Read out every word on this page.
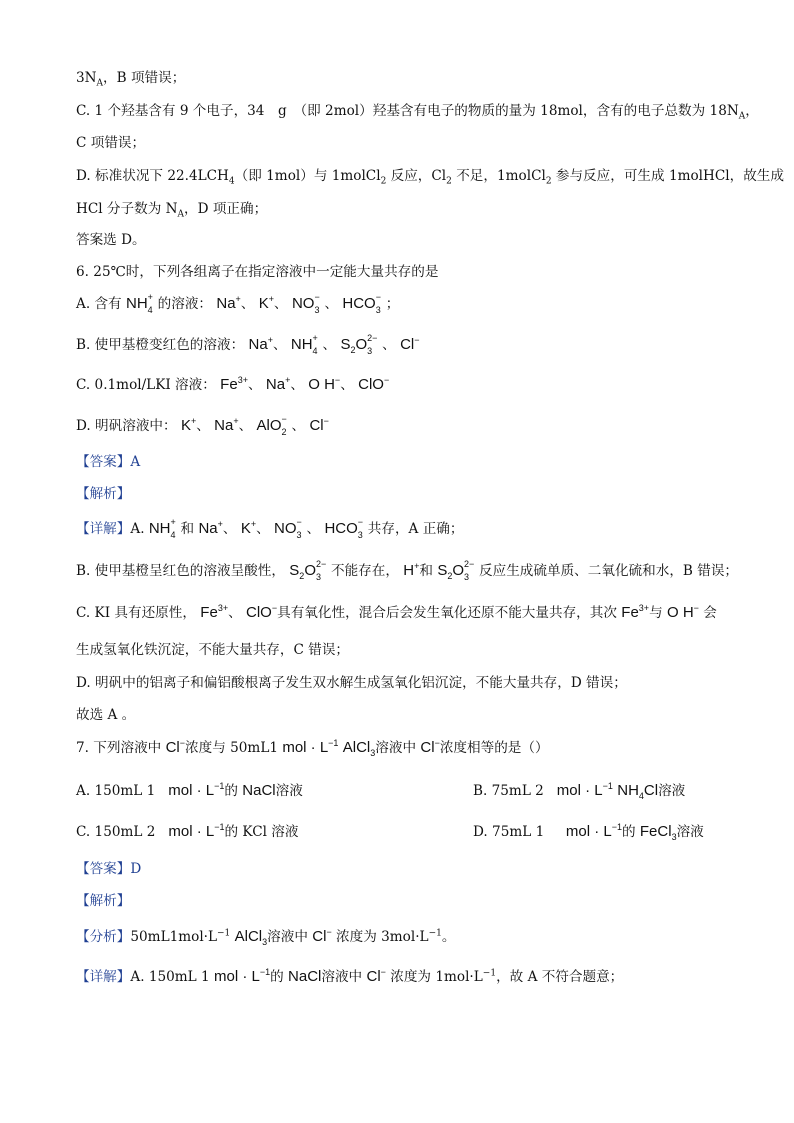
$3N_A$，B 项错误；
C. 1 个羟基含有 9 个电子，34　g　（即 2mol）羟基含有电子的物质的量为 18mol，含有的电子总数为 $18N_A$，
C 项错误；
D. 标准状况下 $22.4LCH_4$（即 1mol）与 1molCl$_2$ 反应，$Cl_2$ 不足，1molCl$_2$ 参与反应，可生成 1molHCl，故生成
HCl 分子数为 $N_A$，D 项正确；
答案选 D。
6. 25℃时，下列各组离子在指定溶液中一定能大量共存的是
A. 含有 NH +
4 的溶液： Na+、 K+、 NO −
3 、 HCO −
3 ；
B. 使甲基橙变红色的溶液： Na+、 NH +
4 、 $S_2O$ 2−
3 、 Cl−
C. 0.1mol/LKI 溶液： $Fe^{3+}$、 Na+、 O H−、 ClO−
D. 明矾溶液中： K+、 Na+、 AlO −
2 、 Cl−
【答案】A
【解析】
【详解】A. NH +
4 和 Na+、 K+、 NO −
3 、 HCO −
3 共存，A 正确；
B. 使甲基橙呈红色的溶液呈酸性， $S_2O$ 2−
3 不能存在， H+和 $S_2O$ 2−
3 反应生成硫单质、二氧化硫和水，B 错误；
C. KI 具有还原性， $Fe^{3+}$、 ClO−具有氧化性，混合后会发生氧化还原不能大量共存，其次 $Fe^{3+}$与 O H− 会
生成氢氧化铁沉淀，不能大量共存，C 错误；
D. 明矾中的铝离子和偏铝酸根离子发生双水解生成氢氧化铝沉淀，不能大量共存，D 错误；
故选 A 。
7. 下列溶液中 Cl−浓度与 50mL1 mol · $L^{-1}$ AlCl$_3$溶液中 Cl−浓度相等的是（）
A. 150mL 1 mol · $L^{-1}$的 NaCl溶液	B. 75mL 2 mol · $L^{-1}$ $NH_4Cl$溶液
C. 150mL 2 mol · $L^{-1}$的 KCl 溶液	D. 75mL 1 mol · $L^{-1}$的 FeCl$_3$溶液
【答案】D
【解析】
【分析】$50mL1mol\cdot L^{-1}$ AlCl$_3$溶液中 Cl− 浓度为 $3mol\cdot L^{-1}$。
【详解】A. 150mL 1 mol · $L^{-1}$的 NaCl溶液中 Cl− 浓度为 $1mol\cdot L^{-1}$，故 A 不符合题意；
